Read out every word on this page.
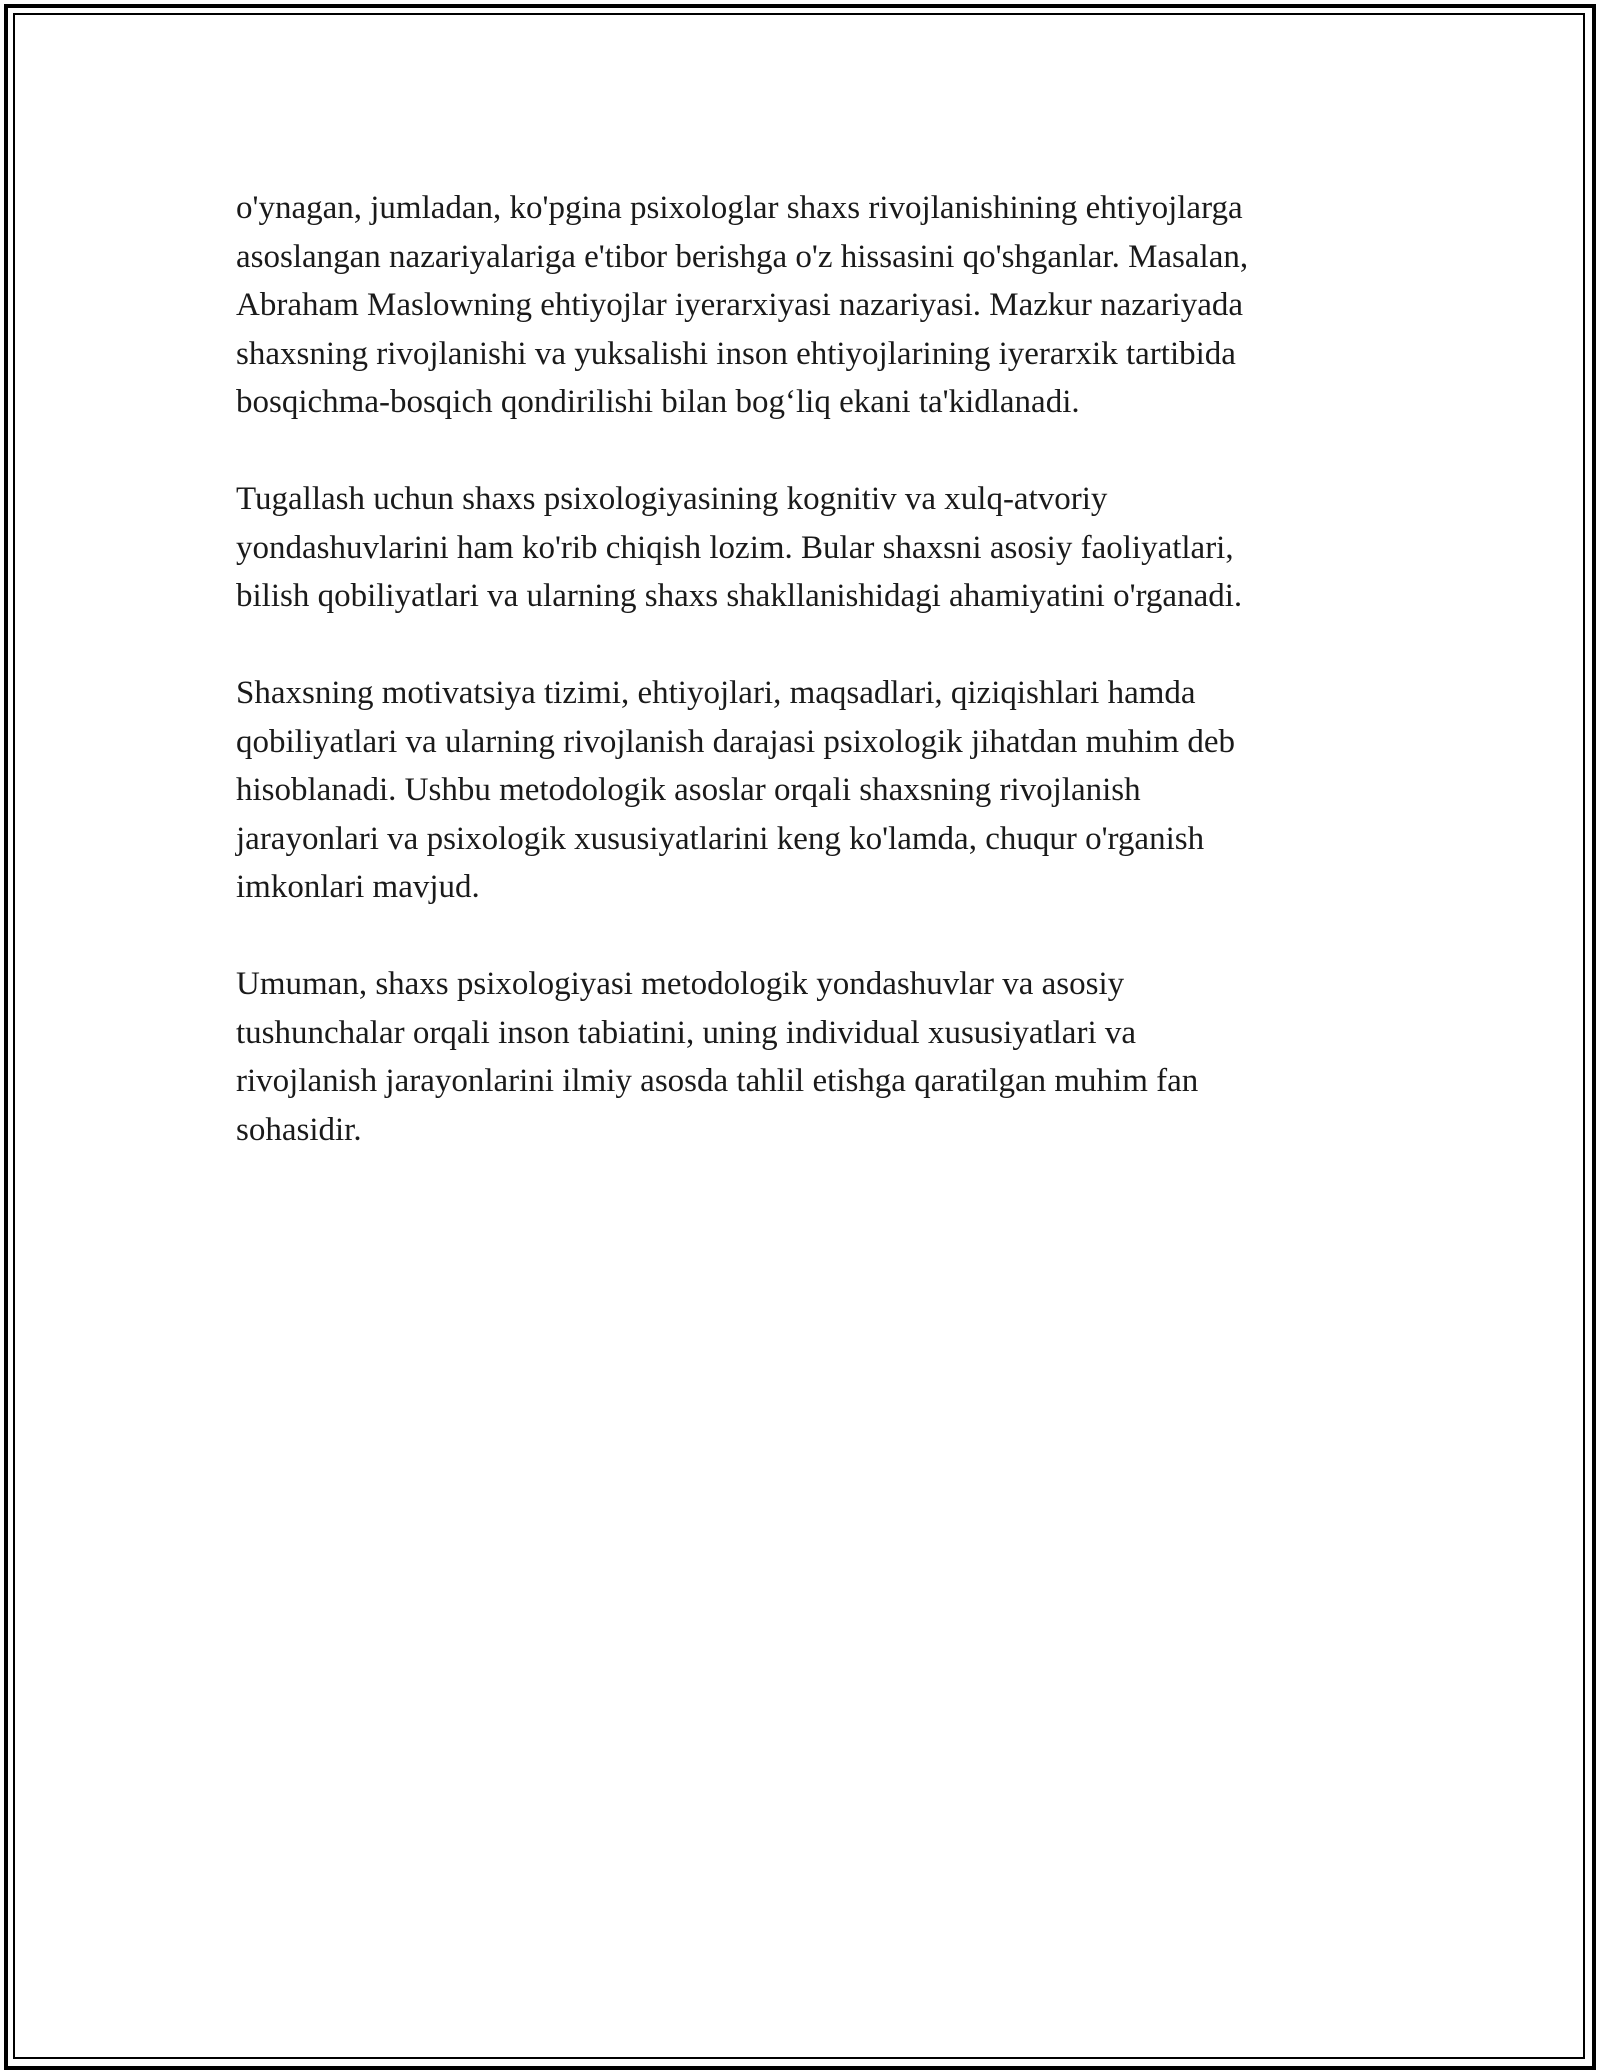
o'ynagan, jumladan, ko'pgina psixologlar shaxs rivojlanishining ehtiyojlarga
asoslangan nazariyalariga e'tibor berishga o'z hissasini qo'shganlar. Masalan,
Abraham Maslowning ehtiyojlar iyerarxiyasi nazariyasi. Mazkur nazariyada
shaxsning rivojlanishi va yuksalishi inson ehtiyojlarining iyerarxik tartibida
bosqichma-bosqich qondirilishi bilan bog‘liq ekani ta'kidlanadi.
Tugallash uchun shaxs psixologiyasining kognitiv va xulq-atvoriy
yondashuvlarini ham ko'rib chiqish lozim. Bular shaxsni asosiy faoliyatlari,
bilish qobiliyatlari va ularning shaxs shakllanishidagi ahamiyatini o'rganadi.
Shaxsning motivatsiya tizimi, ehtiyojlari, maqsadlari, qiziqishlari hamda
qobiliyatlari va ularning rivojlanish darajasi psixologik jihatdan muhim deb
hisoblanadi. Ushbu metodologik asoslar orqali shaxsning rivojlanish
jarayonlari va psixologik xususiyatlarini keng ko'lamda, chuqur o'rganish
imkonlari mavjud.
Umuman, shaxs psixologiyasi metodologik yondashuvlar va asosiy
tushunchalar orqali inson tabiatini, uning individual xususiyatlari va
rivojlanish jarayonlarini ilmiy asosda tahlil etishga qaratilgan muhim fan
sohasidir.
